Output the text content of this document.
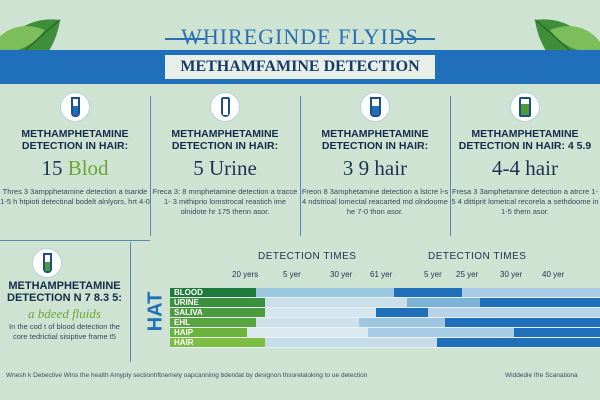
WHIREGINDE FLYIDS
METHAMFAMINE DETECTION
METHAMPHETAMINE DETECTION IN HAIR:
15 Blod
Thres 3 3ampphetamine detection a tsaride 1-5 h htpioti detectinal bodelt alnlyors, hrt 4-0
METHAMPHETAMINE DETECTION IN HAIR:
5 Urine
Freca 3: 8 mmphetamine detection a tracce 1- 3 mithiprio lomstrocal reastich ime olnidote hr 175 thenn asor.
METHAMPHETAMINE DETECTION IN HAIR:
3 9 hair
Freon 8 3amphetamine detection a lstcre l-s 4 ndstrioal lomectal reacarted md olndoome he 7-0 thon asor.
METHAMPHETAMINE DETECTION IN HAIR: 4 5.9
4-4 hair
Fresa 3 3amphetamine detection a atrcre 1-5 4 dittiprit lometcal recorela a sethdoome in 1-5 them asor.
METHAMPHETAMINE DETECTION N 7 8.3 5:
a bdeed fluids
In the cod t of blood detection the core tedrictial sisiptive frame t5
DETECTION TIMES	DETECTION TIMES
HAT
20 yers	5 yer	30 yer 61 yer	5 yer 25 yer	30 yer 40 yer
BLOOD
URINE
SALIVA
EHL
HAIP
HAIR
Wnesh k Debective Wins the health Amyply sectionhftnemely oapcanniing bdendat by designon thsorelaloking to ue detection	Widdedie Ifre Scanationa
